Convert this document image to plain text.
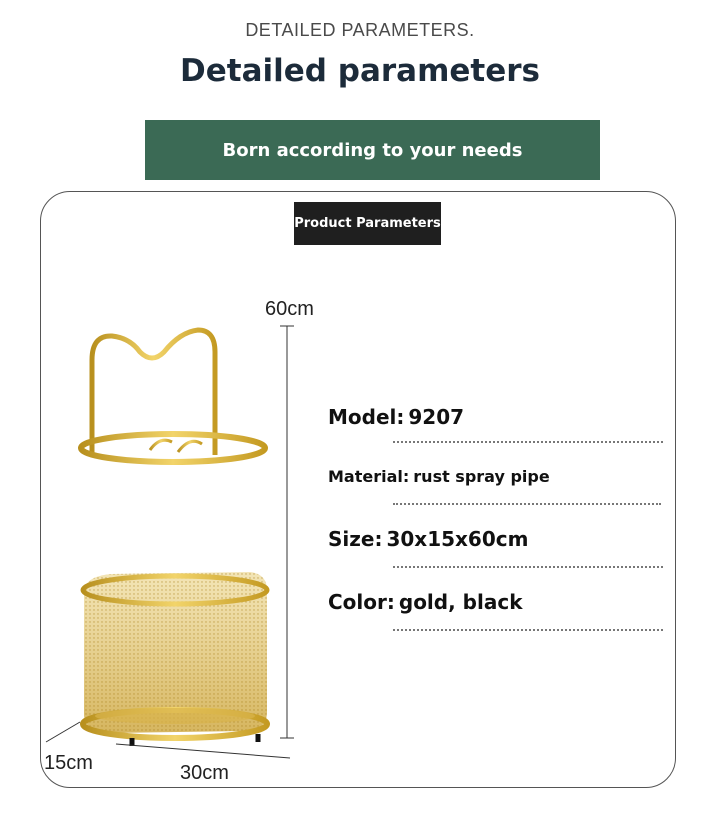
DETAILED PARAMETERS.
Detailed parameters
Born according to your needs
Product Parameters
60cm
15cm	30cm
Model: 9207
Material: rust spray pipe
Size: 30x15x60cm
Color: gold, black
